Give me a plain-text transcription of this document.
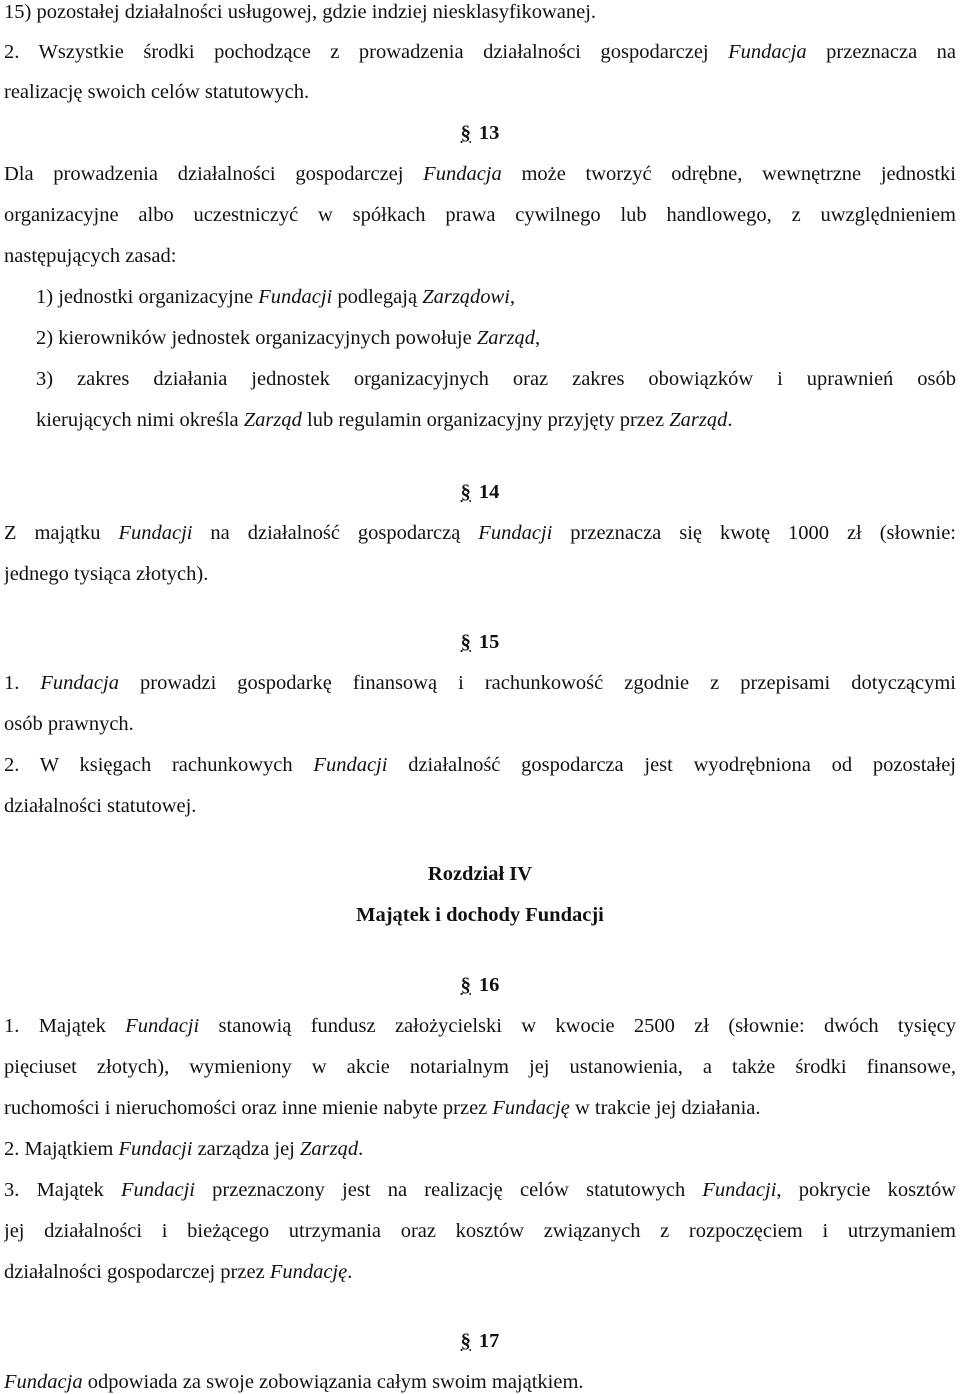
15) pozostałej działalności usługowej, gdzie indziej niesklasyfikowanej.
2. Wszystkie środki pochodzące z prowadzenia działalności gospodarczej Fundacja przeznacza na
realizację swoich celów statutowych.
§ 13
Dla prowadzenia działalności gospodarczej Fundacja może tworzyć odrębne, wewnętrzne jednostki
organizacyjne albo uczestniczyć w spółkach prawa cywilnego lub handlowego, z uwzględnieniem
następujących zasad:
1) jednostki organizacyjne Fundacji podlegają Zarządowi,
2) kierowników jednostek organizacyjnych powołuje Zarząd,
3) zakres działania jednostek organizacyjnych oraz zakres obowiązków i uprawnień osób
kierujących nimi określa Zarząd lub regulamin organizacyjny przyjęty przez Zarząd.
§ 14
Z majątku Fundacji na działalność gospodarczą Fundacji przeznacza się kwotę 1000 zł (słownie:
jednego tysiąca złotych).
§ 15
1. Fundacja prowadzi gospodarkę finansową i rachunkowość zgodnie z przepisami dotyczącymi
osób prawnych.
2. W księgach rachunkowych Fundacji działalność gospodarcza jest wyodrębniona od pozostałej
działalności statutowej.
Rozdział IV
Majątek i dochody Fundacji
§ 16
1. Majątek Fundacji stanowią fundusz założycielski w kwocie 2500 zł (słownie: dwóch tysięcy
pięciuset złotych), wymieniony w akcie notarialnym jej ustanowienia, a także środki finansowe,
ruchomości i nieruchomości oraz inne mienie nabyte przez Fundację w trakcie jej działania.
2. Majątkiem Fundacji zarządza jej Zarząd.
3. Majątek Fundacji przeznaczony jest na realizację celów statutowych Fundacji, pokrycie kosztów
jej działalności i bieżącego utrzymania oraz kosztów związanych z rozpoczęciem i utrzymaniem
działalności gospodarczej przez Fundację.
§ 17
Fundacja odpowiada za swoje zobowiązania całym swoim majątkiem.
